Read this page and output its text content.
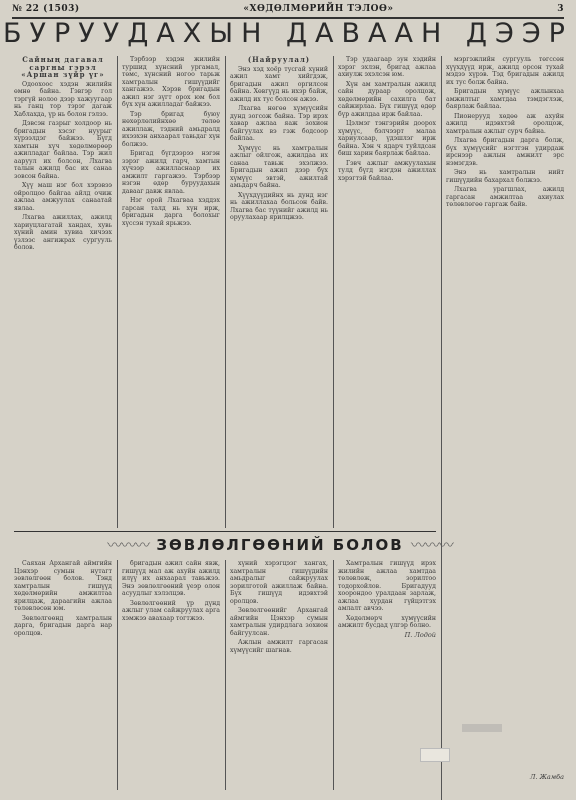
№ 22 (1503)	«ХӨДӨЛМӨРИЙН ТЭЛОӨ»	3
БУРУУДАХЫН ДАВААН ДЭЭР

Сайның дагавал саргны гэрэл «Аршан зүйр үг»

Одоохоос хэдэн жилийн өмнө байна. Гэвгэр гол тэргүй нолоо дээр хажуугаар нь ганц тор тэрэг дагаж Хаблахда, үр нь болон гэлээ.

Дэвсэн газрыг холдоор нь бригадын хэсэг нуурыг хүрээлдэг байжээ. Бүгд хамтын хүч хөдөлмөрөөр ажилладаг байлаа. Тэр жил ааруул их болсон, Лхагва талын ажилд бас их санаа зовсон байна.

Хүү маш нэг бол хэрэвээ ойролцоо байгаа айлд очиж ажлаа амжуулах санаатай явлаа.

Лхагва ажиллах, ажилд хариуцлагатай хандах, хувь хүний амин хувиа хичээх үзлээс ангижрах сургууль болов.

Тэрбээр хэдэн жилийн туршид хүнсний ургамал, төмс, хүнсний ногоо тарьж хамтралын гишүүдийг хангажээ. Хэрэв бригадын ажил нэг зүгт орох юм бол бүх хүн ажилладаг байжээ.

Тэр бригад буюу нөхөрлөлийнхөө төлөө ажиллаж, тэдний амьдралд ихээхэн анхаарал тавьдаг хүн болжээ.

Бригад бүгдээрээ нэгэн зэрэг ажилд гарч, хамтын хүчээр ажилласнаар их амжилт гаргажээ. Тэрбээр нэгэн өдөр буруудахын давааг давж явлаа.

Нэг орой Лхагваа хэддэх гарсан талд нь хүн ирж, бригадын дарга болохыг хүссэн тухай ярьжээ.

(Найруулал)

Энэ хэд хоёр тусгай хүний ажил хамт хийгдэж, бригадын ажил оргилсон байна. Хөвгүүд нь ихэр байж, ажилд их тус болсон ажээ.

Лхагва нөгөө хүмүүсийн дунд зогсож байна. Тэр ирэх хавар ажлаа яаж зохион байгуулах вэ гэж бодсоор байлаа.

Хүмүүс нь хамтралын ажлыг ойлгож, ажилдаа их санаа тавьж эхэлжээ. Бригадын ажил дээр бүх хүмүүс эвтэй, ажилтай амьдарч байна.

Хүүхдүүдийнх нь дунд нэг нь ажиллахаа больсон байв. Лхагва бас түүнийг ажилд нь оруулахаар ярилцжээ.

Тэр удаагаар зун хэдийн хэрэг эхлэн, бригад ажлаа ахиулж эхэлсэн юм.

Хүн ам хамтралын ажилд сайн дураар оролцож, хөдөлмөрийн сахилга бат сайжирлаа. Бүх гишүүд өдөр бүр ажилдаа ирж байлаа.

Цэлмэг тэнгэрийн доорох хүмүүс, бэлчээрт малаа хариулсаар, үдэшлэг ирж байна. Хэн ч ядарч туйлдсан биш харин баярлаж байлаа.

Гэвч ажлыг амжуулахын тулд бүгд нэгдэн ажиллах хэрэгтэй байлаа.

мэргэжлийн сургууль төгссөн хүүхдүүд ирж, ажилд орсон тухай мэдээ хүрэв. Тэд бригадын ажилд их тус болж байна.

Бригадын хүмүүс ажлынхаа амжилтыг хамтдаа тэмдэглэж, баярлаж байлаа.

Пионерууд хөдөө аж ахуйн ажилд идэвхтэй оролцож, хамтралын ажлыг сурч байна.

Лхагва бригадын дарга болж, бүх хүмүүсийг нэгтгэн удирдаж ирснээр ажлын амжилт эрс нэмэгдэв.

Энэ нь хамтралын нийт гишүүдийн бахархал болжээ.

Лхагва урагшлах, ажилд гаргасан амжилтаа ахиулах төлөвлөгөө гаргаж байв.

Л. Жамба

〰〰〰 ЗӨВЛӨЛГӨӨНИЙ БОЛОВ 〰〰〰

Саяхан Архангай аймгийн Цэнхэр сумын нутагт зөвлөлгөөн болов. Тэнд хамтралын гишүүд хөдөлмөрийн амжилтаа ярилцаж, дараагийн ажлаа төлөвлөсөн юм.

Зөвлөлгөөнд хамтралын дарга, бригадын дарга нар оролцов.

бригадын ажил сайн явж, гишүүд мал аж ахуйн ажилд илүү их анхаарал тавьжээ. Энэ зөвлөлгөөний үеэр олон асуудлыг хэлэлцэв.

Зөвлөлгөөний үр дүнд ажлыг улам сайжруулах арга хэмжээ авахаар тогтжээ.

хүний хэрэгцээг хангах, хамтралын гишүүдийн амьдралыг сайжруулах зорилготой ажиллаж байна. Бүх гишүүд идэвхтэй оролцов.

Зөвлөлгөөнийг Архангай аймгийн Цэнхэр сумын хамтралын удирдлага зохион байгуулсан.

Ажлын амжилт гаргасан хүмүүсийг шагнав.

Хамтралын гишүүд ирэх жилийн ажлаа хамтдаа төлөвлөж, зорилтоо тодорхойлов. Бригадууд хоорондоо уралдаан зарлаж, ажлаа хурдан гүйцэтгэх амлалт авчээ.

Хөдөлмөрч хүмүүсийн амжилт бусдад үлгэр болно.

П. Лодой
